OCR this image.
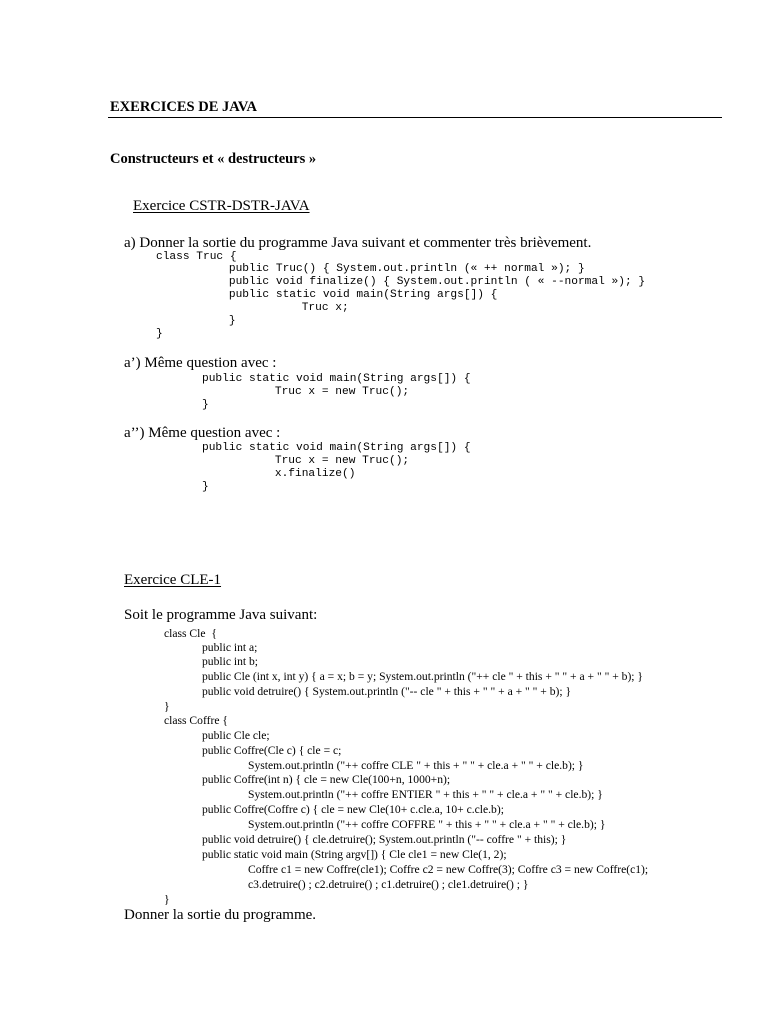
EXERCICES DE JAVA
Constructeurs et « destructeurs »
Exercice CSTR-DSTR-JAVA
a) Donner la sortie du programme Java suivant et commenter très brièvement.
class Truc {
public Truc() { System.out.println (« ++ normal »); }
public void finalize() { System.out.println ( « --normal »); }
public static void main(String args[]) {
Truc x;
}
}
a’) Même question avec :
public static void main(String args[]) {
Truc x = new Truc();
}
a’’) Même question avec :
public static void main(String args[]) {
Truc x = new Truc();
x.finalize()
}
Exercice CLE-1
Soit le programme Java suivant:
class Cle  {
public int a;
public int b;
public Cle (int x, int y) { a = x; b = y; System.out.println ("++ cle " + this + " " + a + " " + b); }
public void detruire() { System.out.println ("-- cle " + this + " " + a + " " + b); }
}
class Coffre {
public Cle cle;
public Coffre(Cle c) { cle = c;
System.out.println ("++ coffre CLE " + this + " " + cle.a + " " + cle.b); }
public Coffre(int n) { cle = new Cle(100+n, 1000+n);
System.out.println ("++ coffre ENTIER " + this + " " + cle.a + " " + cle.b); }
public Coffre(Coffre c) { cle = new Cle(10+ c.cle.a, 10+ c.cle.b);
System.out.println ("++ coffre COFFRE " + this + " " + cle.a + " " + cle.b); }
public void detruire() { cle.detruire(); System.out.println ("-- coffre " + this); }
public static void main (String argv[]) { Cle cle1 = new Cle(1, 2);
Coffre c1 = new Coffre(cle1); Coffre c2 = new Coffre(3); Coffre c3 = new Coffre(c1);
c3.detruire() ; c2.detruire() ; c1.detruire() ; cle1.detruire() ; }
}
Donner la sortie du programme.
